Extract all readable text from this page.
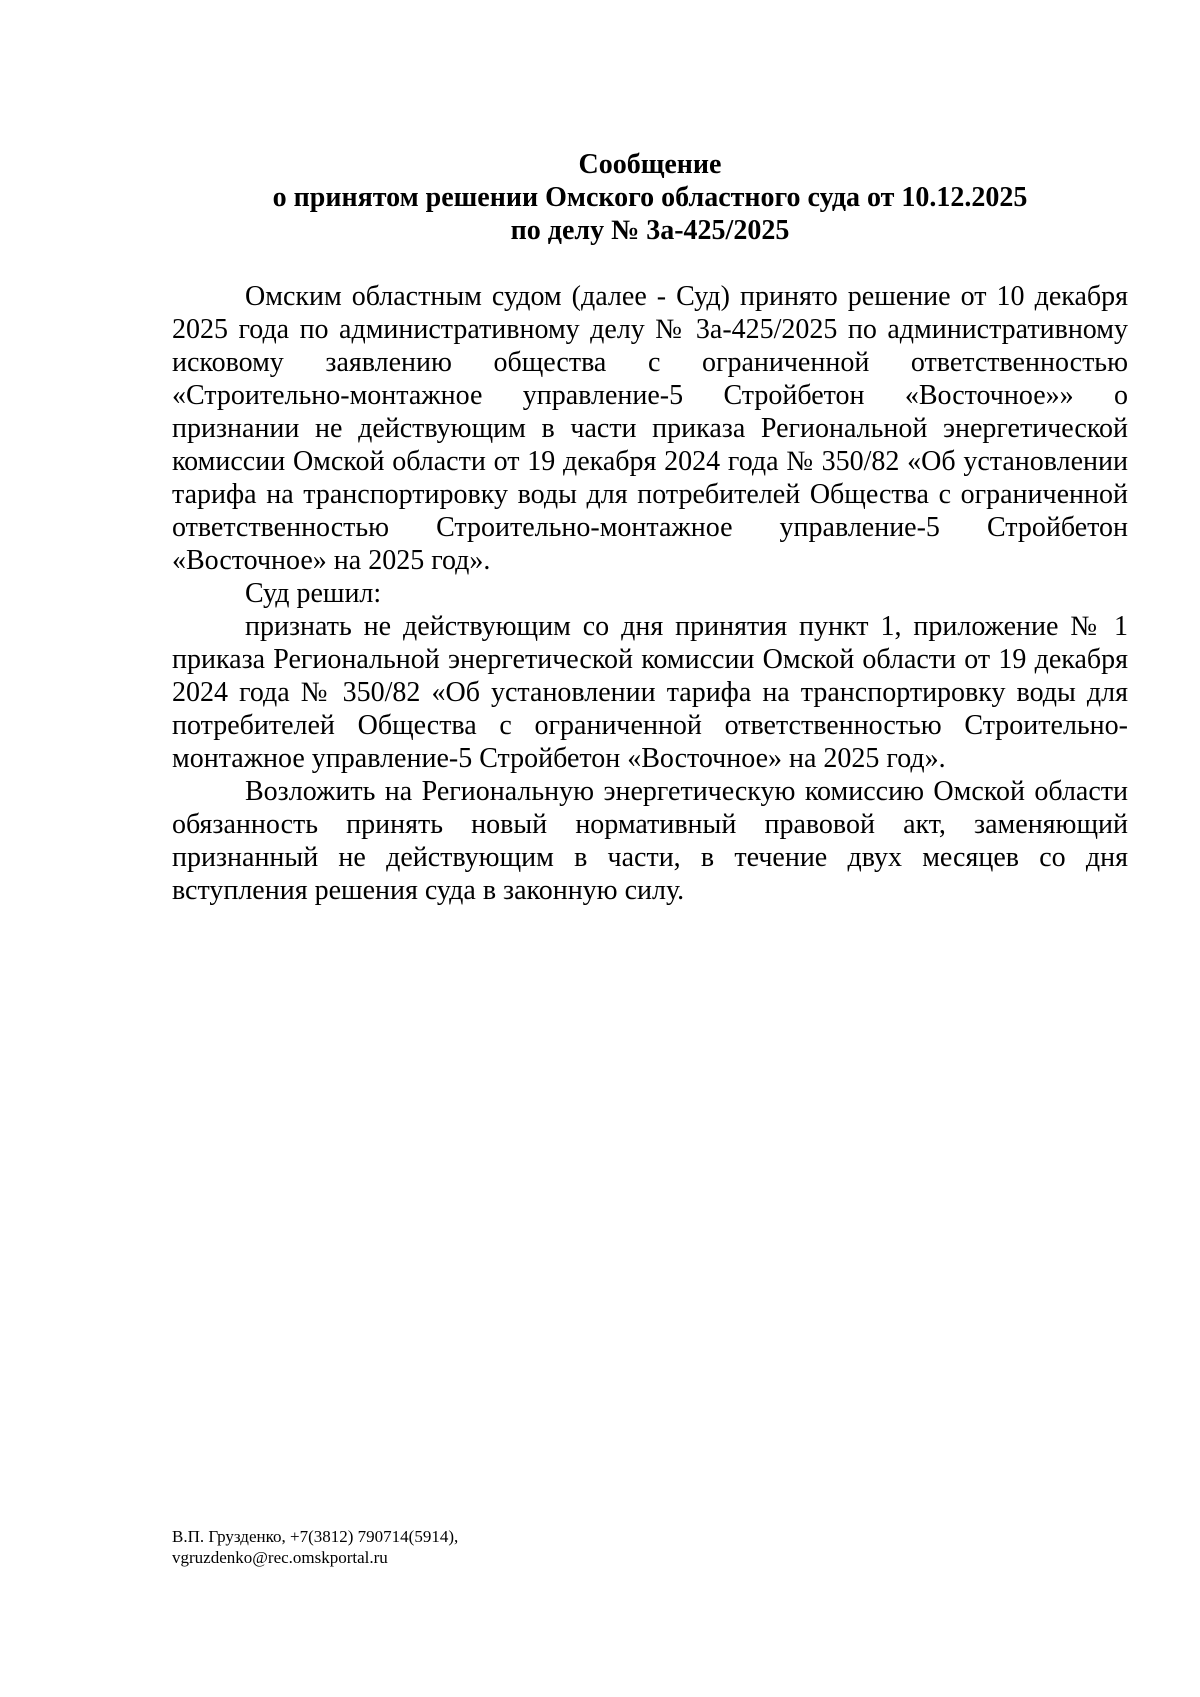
Сообщение
о принятом решении Омского областного суда от 10.12.2025
по делу № 3а-425/2025

Омским областным судом (далее - Суд) принято решение от 10 декабря 2025 года по административному делу № 3а-425/2025 по административному исковому заявлению общества с ограниченной ответственностью «Строительно-монтажное управление-5 Стройбетон «Восточное»» о признании не действующим в части приказа Региональной энергетической комиссии Омской области от 19 декабря 2024 года № 350/82 «Об установлении тарифа на транспортировку воды для потребителей Общества с ограниченной ответственностью Строительно-монтажное управление-5 Стройбетон «Восточное» на 2025 год».

Суд решил:

признать не действующим со дня принятия пункт 1, приложение № 1 приказа Региональной энергетической комиссии Омской области от 19 декабря 2024 года № 350/82 «Об установлении тарифа на транспортировку воды для потребителей Общества с ограниченной ответственностью Строительно-монтажное управление-5 Стройбетон «Восточное» на 2025 год».

Возложить на Региональную энергетическую комиссию Омской области обязанность принять новый нормативный правовой акт, заменяющий признанный не действующим в части, в течение двух месяцев со дня вступления решения суда в законную силу.

В.П. Грузденко, +7(3812) 790714(5914),
vgruzdenko@rec.omskportal.ru
